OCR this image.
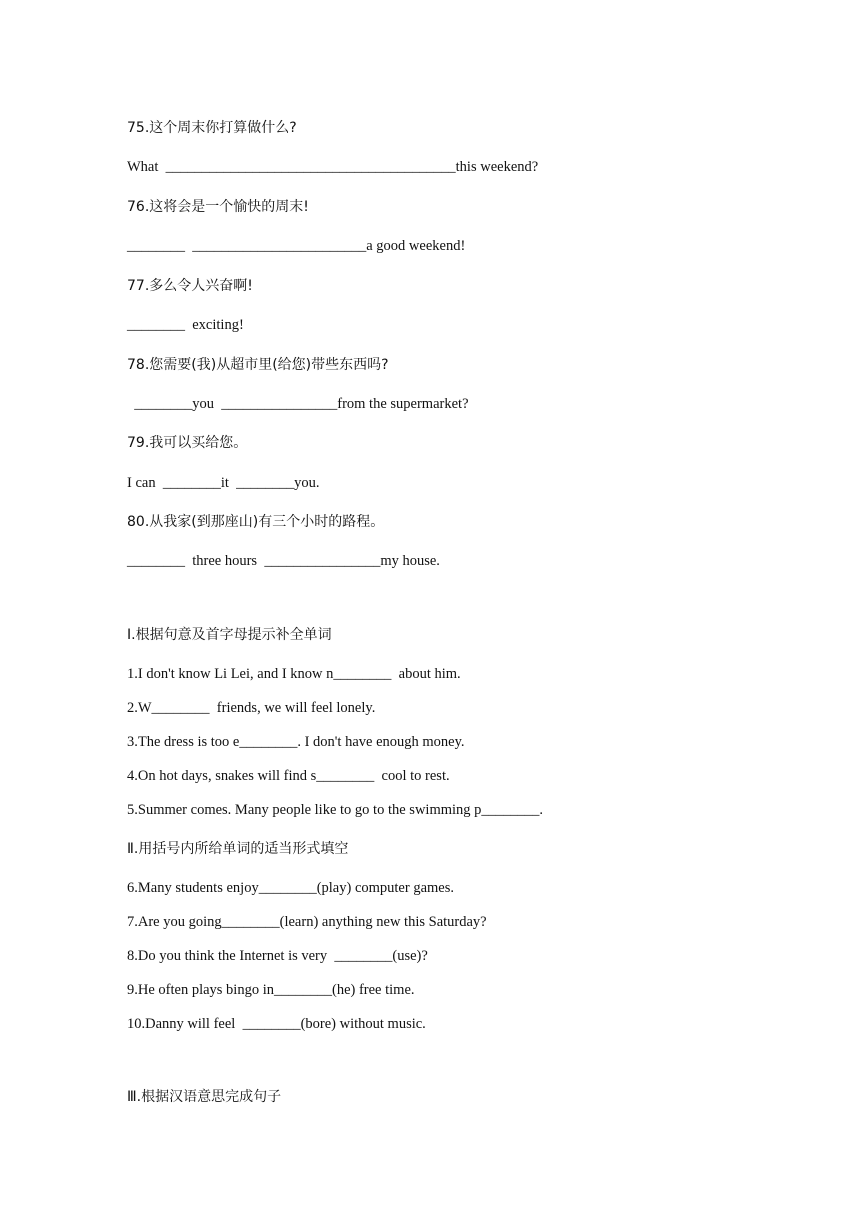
75.这个周末你打算做什么?
What  ________________________________________this weekend?
76.这将会是一个愉快的周末!
________  ________________________a good weekend!
77.多么令人兴奋啊!
________  exciting!
78.您需要(我)从超市里(给您)带些东西吗?
________you  ________________from the supermarket?
79.我可以买给您。
I can  ________it  ________you.
80.从我家(到那座山)有三个小时的路程。
________  three hours  ________________my house.
Ⅰ.根据句意及首字母提示补全单词
1.I don't know Li Lei, and I know n________  about him.
2.W________  friends, we will feel lonely.
3.The dress is too e________. I don't have enough money.
4.On hot days, snakes will find s________  cool to rest.
5.Summer comes. Many people like to go to the swimming p________.
Ⅱ.用括号内所给单词的适当形式填空
6.Many students enjoy________(play) computer games.
7.Are you going________(learn) anything new this Saturday?
8.Do you think the Internet is very  ________(use)?
9.He often plays bingo in________(he) free time.
10.Danny will feel  ________(bore) without music.
Ⅲ.根据汉语意思完成句子
